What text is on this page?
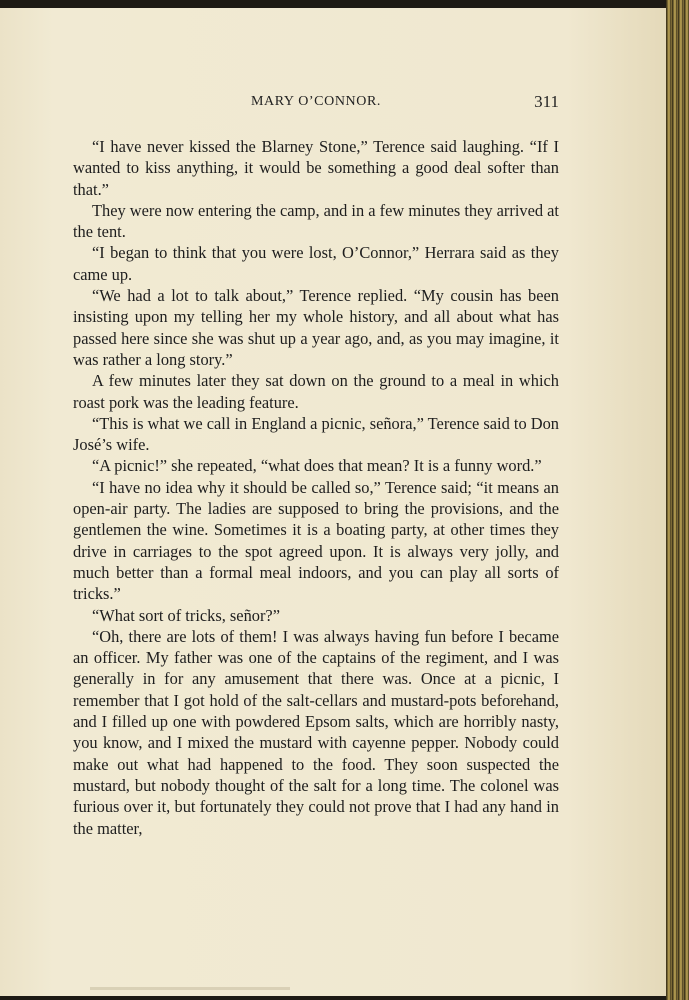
MARY O’CONNOR.	311

“I have never kissed the Blarney Stone,” Terence said laughing. “If I wanted to kiss anything, it would be something a good deal softer than that.”

They were now entering the camp, and in a few minutes they arrived at the tent.

“I began to think that you were lost, O’Connor,” Herrara said as they came up.

“We had a lot to talk about,” Terence replied. “My cousin has been insisting upon my telling her my whole history, and all about what has passed here since she was shut up a year ago, and, as you may imagine, it was rather a long story.”

A few minutes later they sat down on the ground to a meal in which roast pork was the leading feature.

“This is what we call in England a picnic, señora,” Terence said to Don José’s wife.

“A picnic!” she repeated, “what does that mean? It is a funny word.”

“I have no idea why it should be called so,” Terence said; “it means an open-air party. The ladies are supposed to bring the provisions, and the gentlemen the wine. Sometimes it is a boating party, at other times they drive in carriages to the spot agreed upon. It is always very jolly, and much better than a formal meal indoors, and you can play all sorts of tricks.”

“What sort of tricks, señor?”

“Oh, there are lots of them! I was always having fun before I became an officer. My father was one of the captains of the regiment, and I was generally in for any amusement that there was. Once at a picnic, I remember that I got hold of the salt-cellars and mustard-pots beforehand, and I filled up one with powdered Epsom salts, which are horribly nasty, you know, and I mixed the mustard with cayenne pepper. Nobody could make out what had happened to the food. They soon suspected the mustard, but nobody thought of the salt for a long time. The colonel was furious over it, but fortunately they could not prove that I had any hand in the matter,
